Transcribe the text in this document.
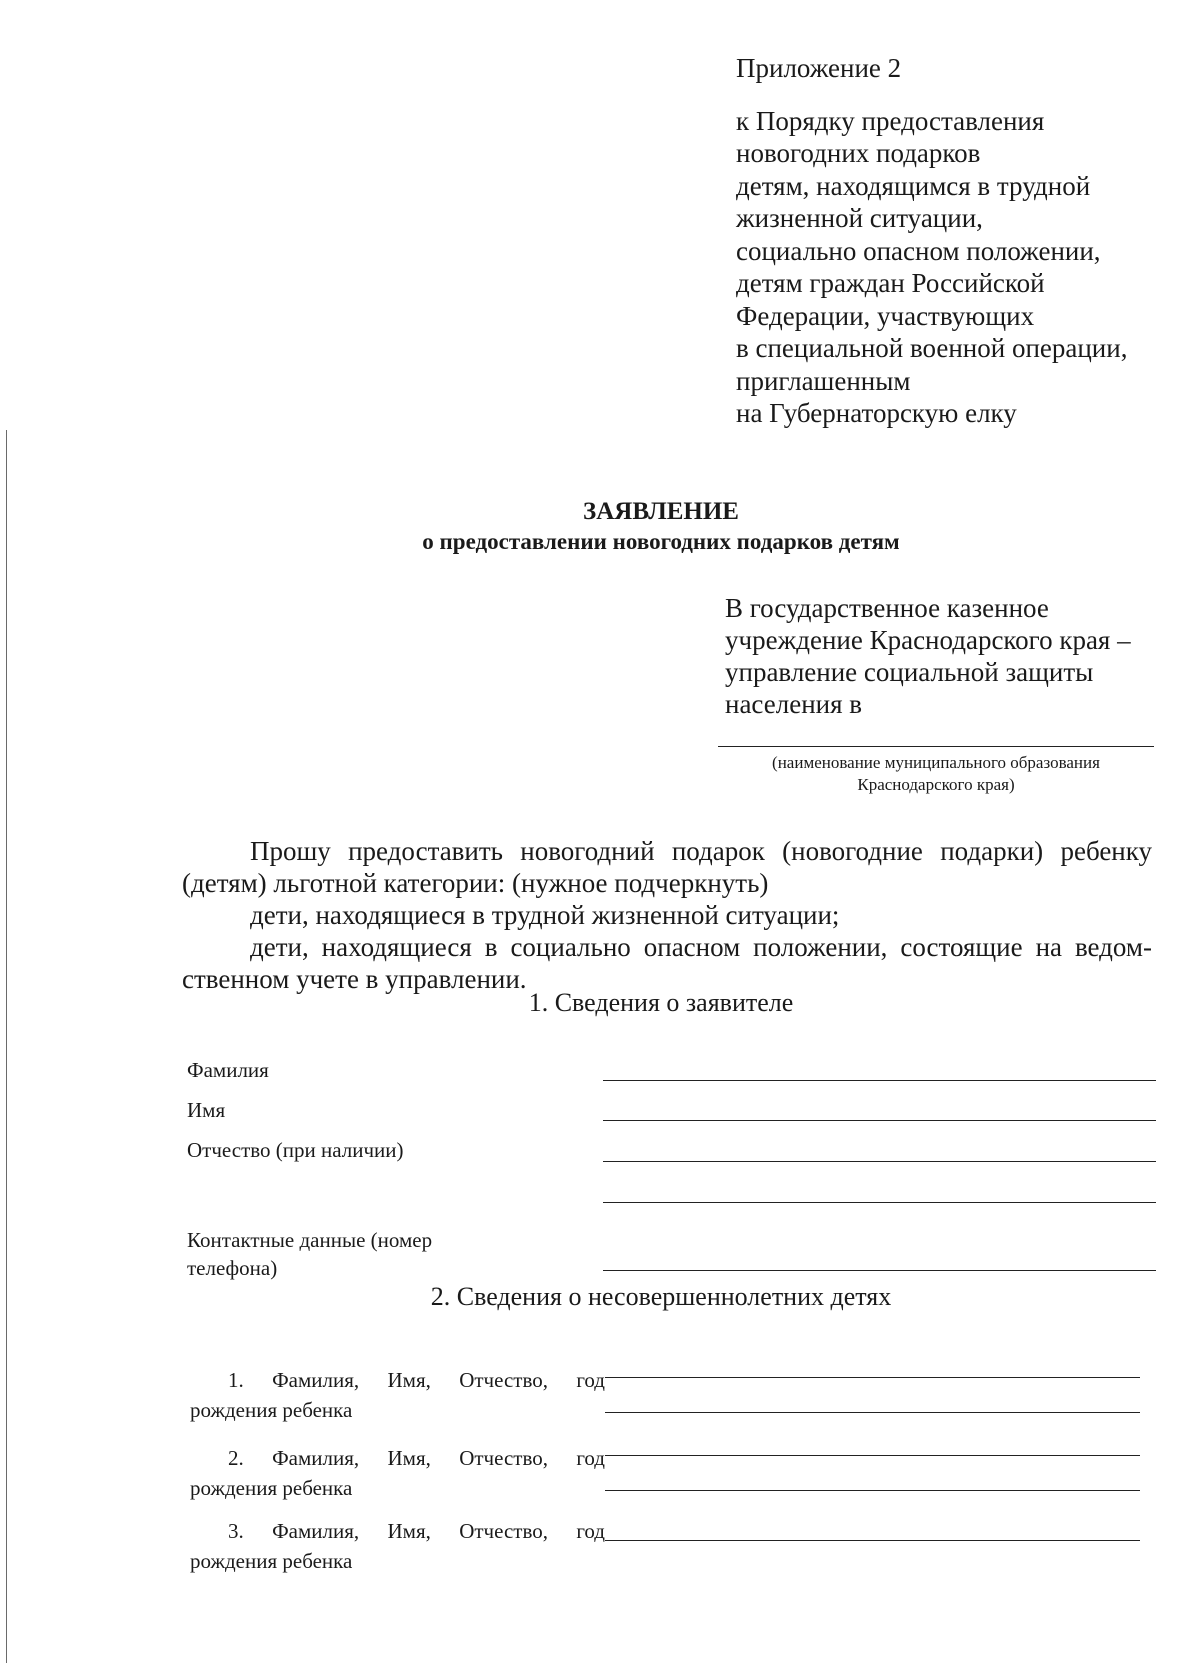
Приложение 2
к Порядку предоставления
новогодних подарков
детям, находящимся в трудной
жизненной ситуации,
социально опасном положении,
детям граждан Российской
Федерации, участвующих
в специальной военной операции,
приглашенным
на Губернаторскую елку
ЗАЯВЛЕНИЕ
о предоставлении новогодних подарков детям
В государственное казенное
учреждение Краснодарского края –
управление социальной защиты
населения в
(наименование муниципального образования
Краснодарского края)

Прошу предоставить новогодний подарок (новогодние подарки) ребенку

(детям) льготной категории: (нужное подчеркнуть)

дети, находящиеся в трудной жизненной ситуации;

дети, находящиеся в социально опасном положении, состоящие на ведом-

ственном учете в управлении.

1. Сведения о заявителе
Фамилия
Имя
Отчество (при наличии)
Контактные данные (номер
телефона)
2. Сведения о несовершеннолетних детях
1. Фамилия, Имя, Отчество, год
рождения ребенка
2. Фамилия, Имя, Отчество, год
рождения ребенка
3. Фамилия, Имя, Отчество, год
рождения ребенка
